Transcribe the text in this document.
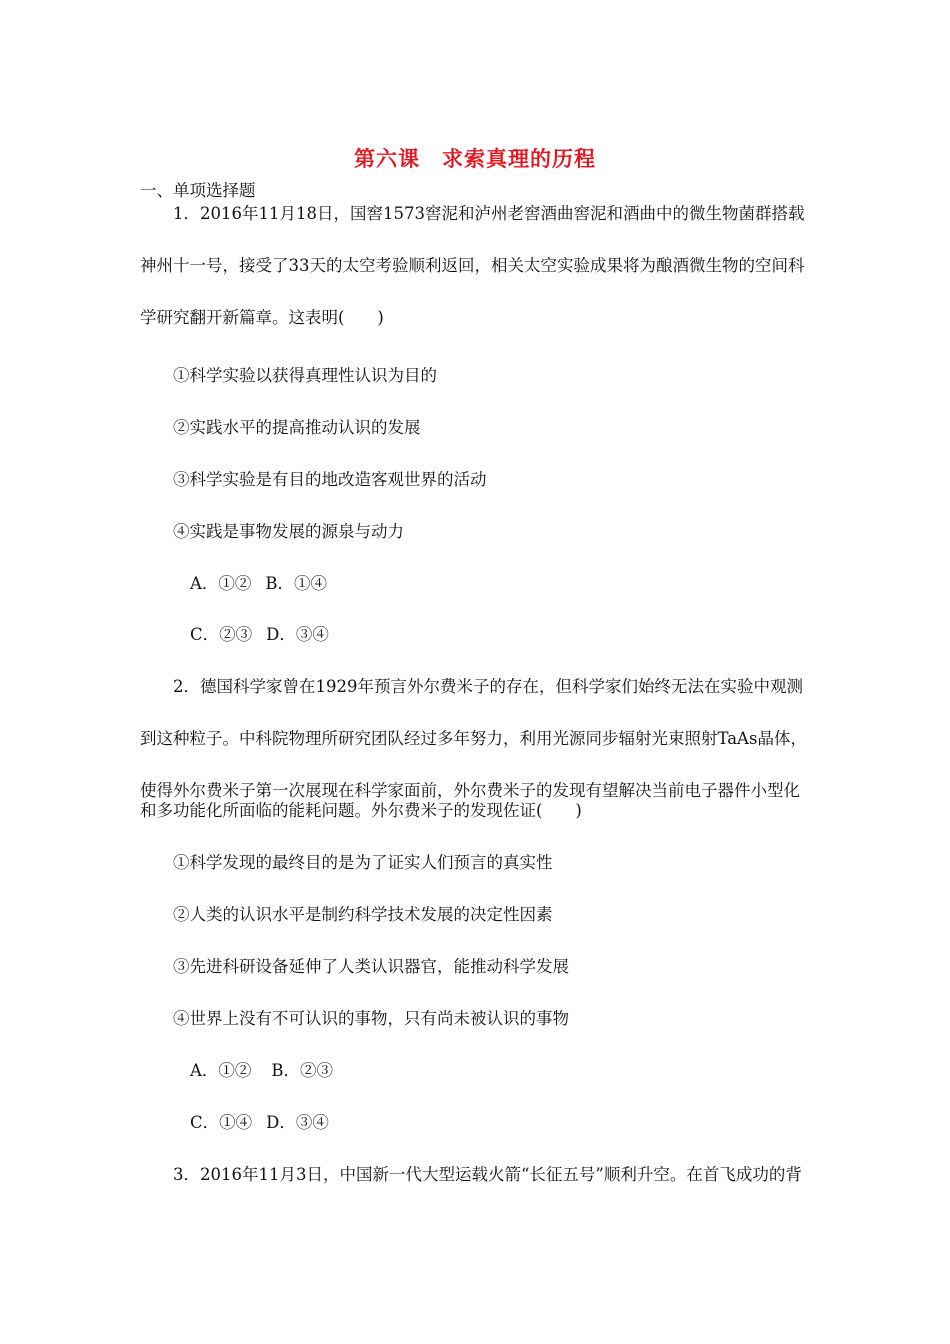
第六课　求索真理的历程
一、单项选择题
1．2016年11月18日，国窖1573窖泥和泸州老窖酒曲窖泥和酒曲中的微生物菌群搭载
神州十一号，接受了33天的太空考验顺利返回，相关太空实验成果将为酿酒微生物的空间科
学研究翻开新篇章。这表明(　　)
①科学实验以获得真理性认识为目的
②实践水平的提高推动认识的发展
③科学实验是有目的地改造客观世界的活动
④实践是事物发展的源泉与动力
A．①② B．①④
C．②③ D．③④
2．德国科学家曾在1929年预言外尔费米子的存在，但科学家们始终无法在实验中观测
到这种粒子。中科院物理所研究团队经过多年努力，利用光源同步辐射光束照射TaAs晶体，
使得外尔费米子第一次展现在科学家面前，外尔费米子的发现有望解决当前电子器件小型化
和多功能化所面临的能耗问题。外尔费米子的发现佐证(　　)
①科学发现的最终目的是为了证实人们预言的真实性
②人类的认识水平是制约科学技术发展的决定性因素
③先进科研设备延伸了人类认识器官，能推动科学发展
④世界上没有不可认识的事物，只有尚未被认识的事物
A．①② B．②③
C．①④ D．③④
3．2016年11月3日，中国新一代大型运载火箭“长征五号”顺利升空。在首飞成功的背
